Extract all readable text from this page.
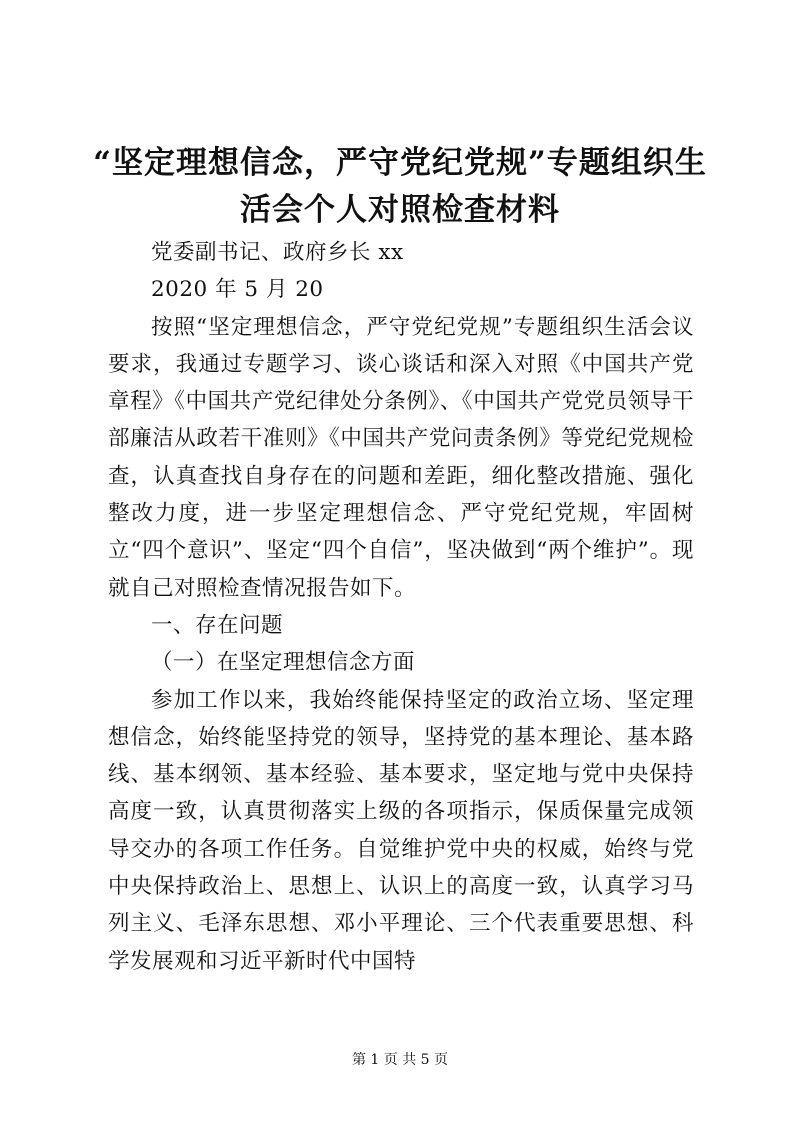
“坚定理想信念，严守党纪党规”专题组织生活会个人对照检查材料

党委副书记、政府乡长 xx

2020 年 5 月 20

按照“坚定理想信念，严守党纪党规”专题组织生活会议要求，我通过专题学习、谈心谈话和深入对照《中国共产党章程》《中国共产党纪律处分条例》、《中国共产党党员领导干部廉洁从政若干准则》《中国共产党问责条例》等党纪党规检查，认真查找自身存在的问题和差距，细化整改措施、强化整改力度，进一步坚定理想信念、严守党纪党规，牢固树立“四个意识”、坚定“四个自信”，坚决做到“两个维护”。现就自己对照检查情况报告如下。

一、存在问题

（一）在坚定理想信念方面

参加工作以来，我始终能保持坚定的政治立场、坚定理想信念，始终能坚持党的领导，坚持党的基本理论、基本路线、基本纲领、基本经验、基本要求，坚定地与党中央保持高度一致，认真贯彻落实上级的各项指示，保质保量完成领导交办的各项工作任务。自觉维护党中央的权威，始终与党中央保持政治上、思想上、认识上的高度一致，认真学习马列主义、毛泽东思想、邓小平理论、三个代表重要思想、科学发展观和习近平新时代中国特

第 1 页 共 5 页
